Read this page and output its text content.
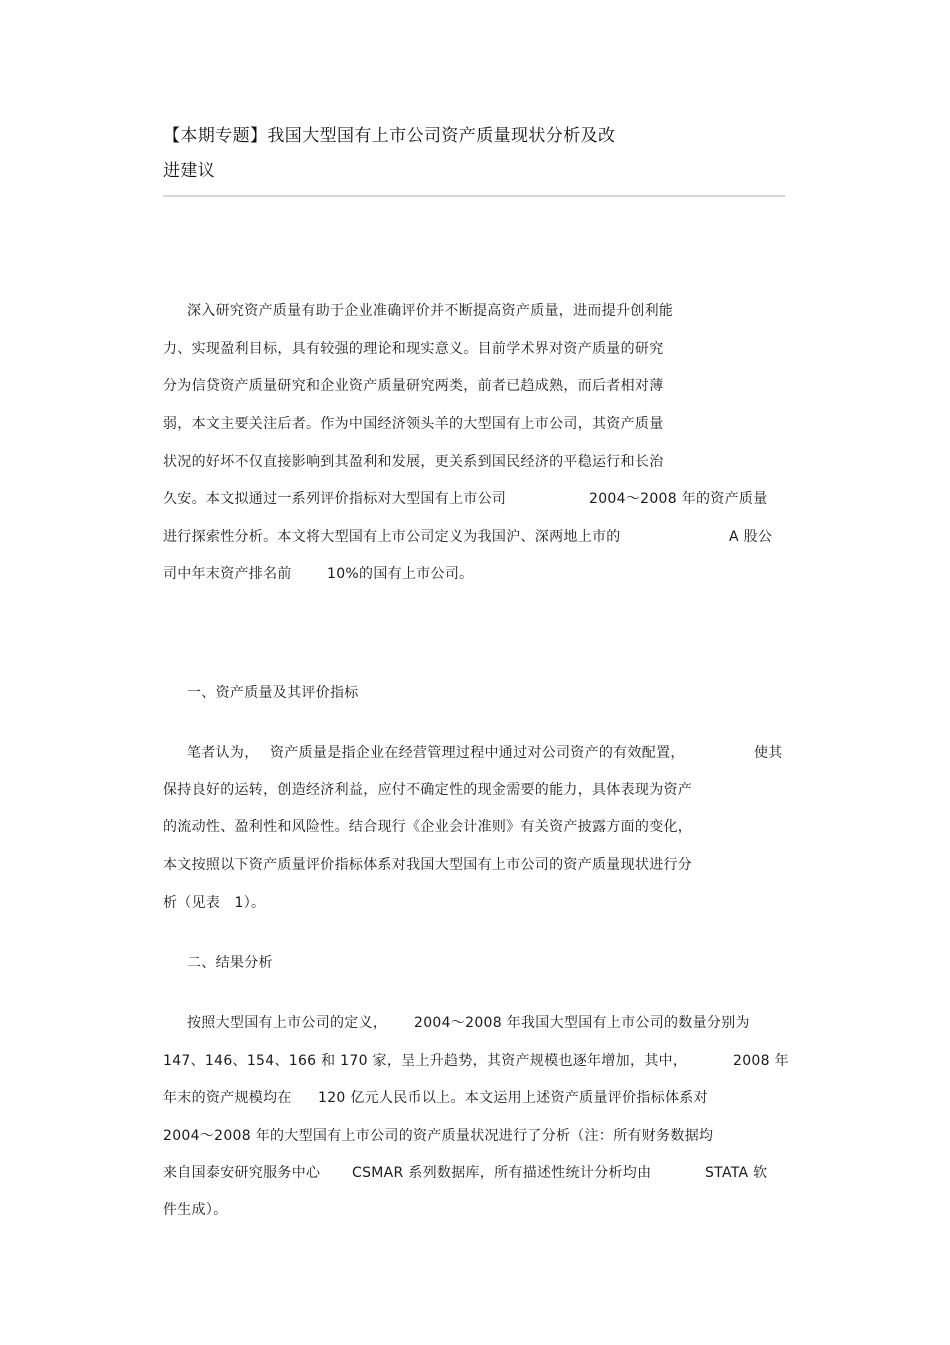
【本期专题】我国大型国有上市公司资产质量现状分析及改
进建议
深入研究资产质量有助于企业准确评价并不断提高资产质量，进而提升创利能
力、实现盈利目标，具有较强的理论和现实意义。目前学术界对资产质量的研究
分为信贷资产质量研究和企业资产质量研究两类，前者已趋成熟，而后者相对薄
弱，本文主要关注后者。作为中国经济领头羊的大型国有上市公司，其资产质量
状况的好坏不仅直接影响到其盈利和发展，更关系到国民经济的平稳运行和长治
久安。本文拟通过一系列评价指标对大型国有上市公司	2004～2008 年的资产质量
进行探索性分析。本文将大型国有上市公司定义为我国沪、深两地上市的	A 股公
司中年末资产排名前	10%的国有上市公司。
一、资产质量及其评价指标
笔者认为， 资产质量是指企业在经营管理过程中通过对公司资产的有效配置，	使其
保持良好的运转，创造经济利益，应付不确定性的现金需要的能力，具体表现为资产
的流动性、盈利性和风险性。结合现行《企业会计准则》有关资产披露方面的变化，
本文按照以下资产质量评价指标体系对我国大型国有上市公司的资产质量现状进行分
析（见表　1）。
二、结果分析
按照大型国有上市公司的定义， 2004～2008 年我国大型国有上市公司的数量分别为
147、146、154、166 和 170 家，呈上升趋势，其资产规模也逐年增加，其中，	2008 年
年末的资产规模均在 120 亿元人民币以上。本文运用上述资产质量评价指标体系对
2004～2008 年的大型国有上市公司的资产质量状况进行了分析（注：所有财务数据均
来自国泰安研究服务中心 CSMAR 系列数据库，所有描述性统计分析均由	STATA 软
件生成）。
